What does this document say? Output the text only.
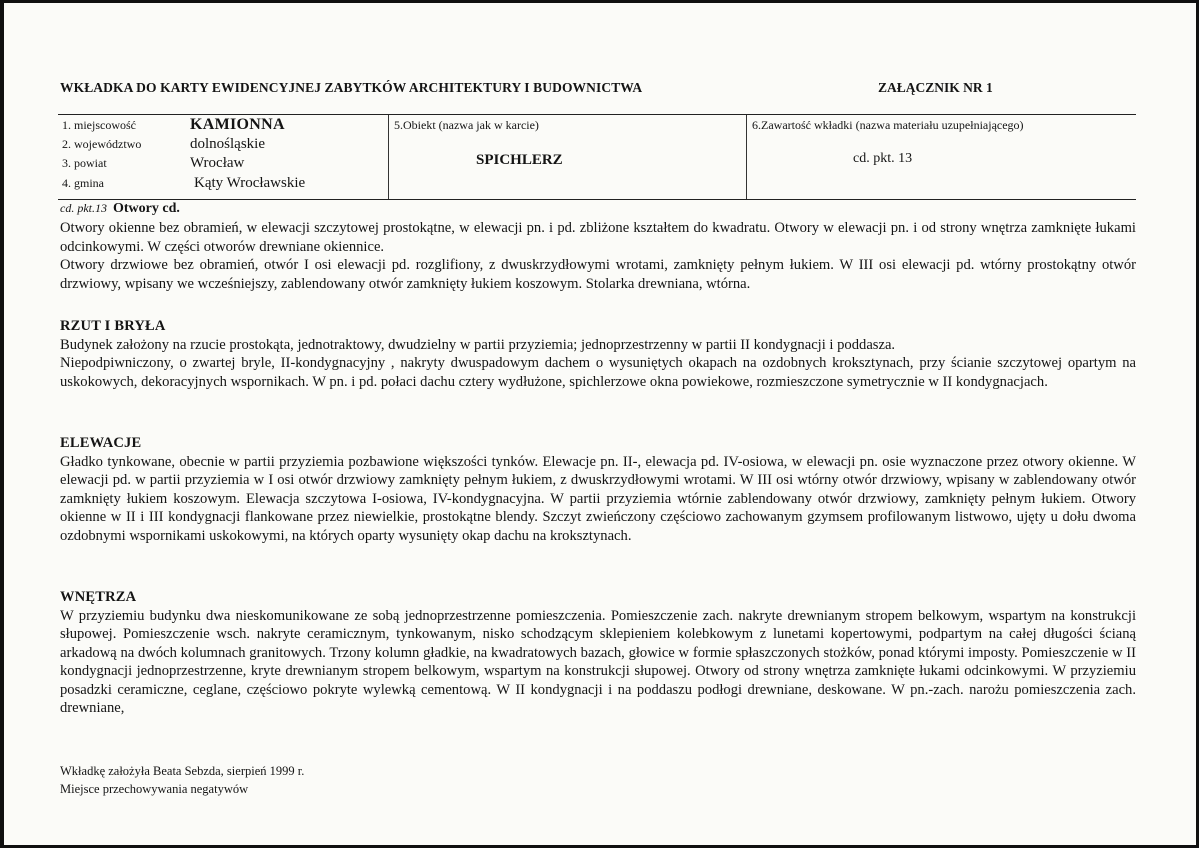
WKŁADKA DO KARTY EWIDENCYJNEJ ZABYTKÓW ARCHITEKTURY I BUDOWNICTWA	ZAŁĄCZNIK NR 1
1. miejscowość	KAMIONNA
2. województwo	dolnośląskie
3. powiat	Wrocław
4. gmina	Kąty Wrocławskie
5.Obiekt (nazwa jak w karcie)
SPICHLERZ
6.Zawartość wkładki (nazwa materiału uzupełniającego)
cd. pkt. 13
cd. pkt.13 Otwory cd.

Otwory okienne bez obramień, w elewacji szczytowej prostokątne, w elewacji pn. i pd. zbliżone kształtem do kwadratu. Otwory w elewacji pn. i od strony wnętrza zamknięte łukami odcinkowymi. W części otworów drewniane okiennice.

Otwory drzwiowe bez obramień, otwór I osi elewacji pd. rozglifiony, z dwuskrzydłowymi wrotami, zamknięty pełnym łukiem. W III osi elewacji pd. wtórny prostokątny otwór drzwiowy, wpisany we wcześniejszy, zablendowany otwór zamknięty łukiem koszowym. Stolarka drewniana, wtórna.

RZUT I BRYŁA

Budynek założony na rzucie prostokąta, jednotraktowy, dwudzielny w partii przyziemia; jednoprzestrzenny w partii II kondygnacji i poddasza.

Niepodpiwniczony, o zwartej bryle, II-kondygnacyjny , nakryty dwuspadowym dachem o wysuniętych okapach na ozdobnych kroksztynach, przy ścianie szczytowej opartym na uskokowych, dekoracyjnych wspornikach. W pn. i pd. połaci dachu cztery wydłużone, spichlerzowe okna powiekowe, rozmieszczone symetrycznie w II kondygnacjach.

ELEWACJE

Gładko tynkowane, obecnie w partii przyziemia pozbawione większości tynków. Elewacje pn. II-, elewacja pd. IV-osiowa, w elewacji pn. osie wyznaczone przez otwory okienne. W elewacji pd. w partii przyziemia w I osi otwór drzwiowy zamknięty pełnym łukiem, z dwuskrzydłowymi wrotami. W III osi wtórny otwór drzwiowy, wpisany w zablendowany otwór zamknięty łukiem koszowym. Elewacja szczytowa I-osiowa, IV-kondygnacyjna. W partii przyziemia wtórnie zablendowany otwór drzwiowy, zamknięty pełnym łukiem. Otwory okienne w II i III kondygnacji flankowane przez niewielkie, prostokątne blendy. Szczyt zwieńczony częściowo zachowanym gzymsem profilowanym listwowo, ujęty u dołu dwoma ozdobnymi wspornikami uskokowymi, na których oparty wysunięty okap dachu na kroksztynach.

WNĘTRZA

W przyziemiu budynku dwa nieskomunikowane ze sobą jednoprzestrzenne pomieszczenia. Pomieszczenie zach. nakryte drewnianym stropem belkowym, wspartym na konstrukcji słupowej. Pomieszczenie wsch. nakryte ceramicznym, tynkowanym, nisko schodzącym sklepieniem kolebkowym z lunetami kopertowymi, podpartym na całej długości ścianą arkadową na dwóch kolumnach granitowych. Trzony kolumn gładkie, na kwadratowych bazach, głowice w formie spłaszczonych stożków, ponad którymi imposty. Pomieszczenie w II kondygnacji jednoprzestrzenne, kryte drewnianym stropem belkowym, wspartym na konstrukcji słupowej. Otwory od strony wnętrza zamknięte łukami odcinkowymi. W przyziemiu posadzki ceramiczne, ceglane, częściowo pokryte wylewką cementową. W II kondygnacji i na poddaszu podłogi drewniane, deskowane. W pn.-zach. narożu pomieszczenia zach. drewniane,

Wkładkę założyła Beata Sebzda, sierpień 1999 r.
Miejsce przechowywania negatywów
